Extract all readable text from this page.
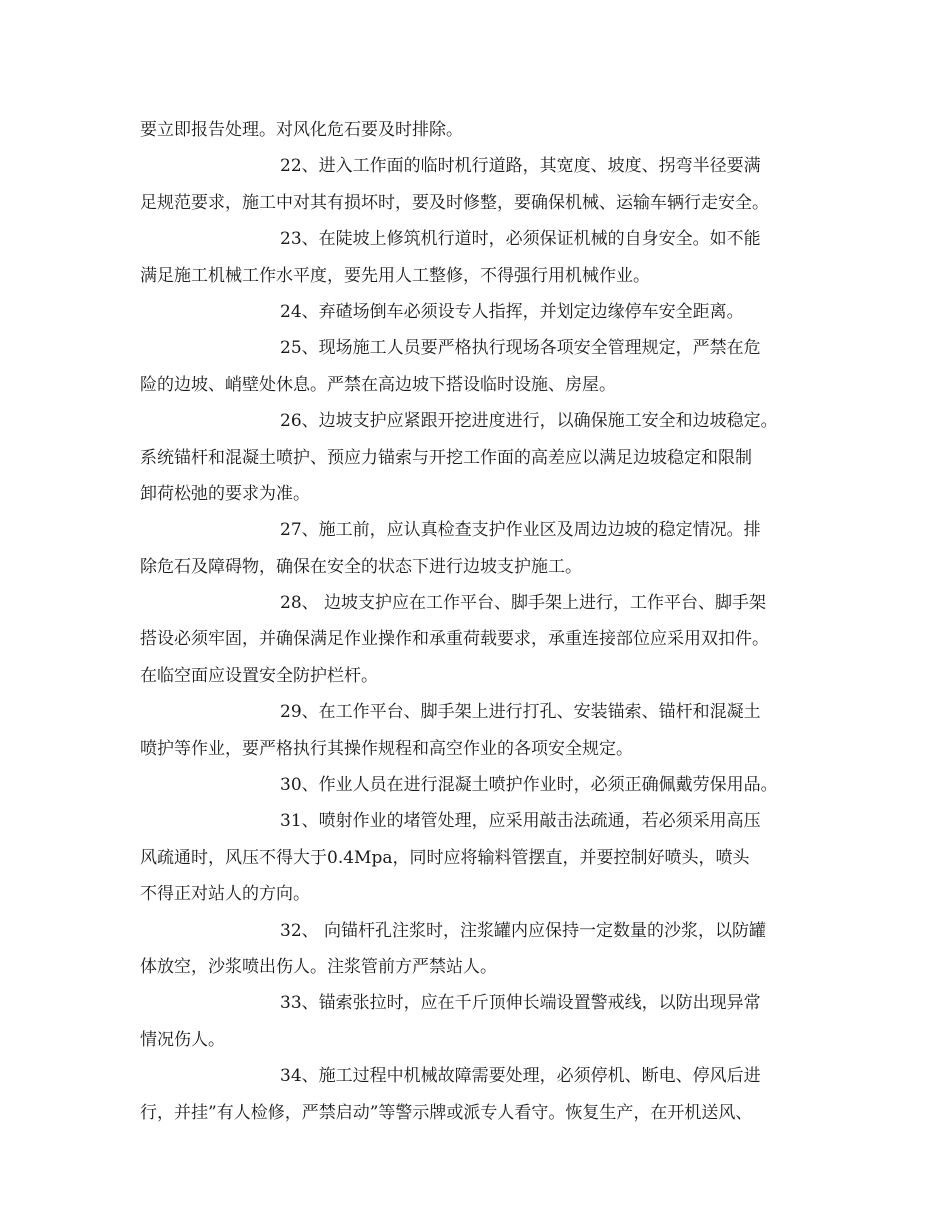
要立即报告处理。对风化危石要及时排除。
22、进入工作面的临时机行道路，其宽度、坡度、拐弯半径要满
足规范要求，施工中对其有损坏时，要及时修整，要确保机械、运输车辆行走安全。
23、在陡坡上修筑机行道时，必须保证机械的自身安全。如不能
满足施工机械工作水平度，要先用人工整修，不得强行用机械作业。
24、弃碴场倒车必须设专人指挥，并划定边缘停车安全距离。
25、现场施工人员要严格执行现场各项安全管理规定，严禁在危
险的边坡、峭壁处休息。严禁在高边坡下搭设临时设施、房屋。
26、边坡支护应紧跟开挖进度进行，以确保施工安全和边坡稳定。
系统锚杆和混凝土喷护、预应力锚索与开挖工作面的高差应以满足边坡稳定和限制
卸荷松弛的要求为准。
27、施工前，应认真检查支护作业区及周边边坡的稳定情况。排
除危石及障碍物，确保在安全的状态下进行边坡支护施工。
28、 边坡支护应在工作平台、脚手架上进行，工作平台、脚手架
搭设必须牢固，并确保满足作业操作和承重荷载要求，承重连接部位应采用双扣件。
在临空面应设置安全防护栏杆。
29、在工作平台、脚手架上进行打孔、安装锚索、锚杆和混凝土
喷护等作业，要严格执行其操作规程和高空作业的各项安全规定。
30、作业人员在进行混凝土喷护作业时，必须正确佩戴劳保用品。
31、喷射作业的堵管处理，应采用敲击法疏通，若必须采用高压
风疏通时，风压不得大于0.4Mpa，同时应将输料管摆直，并要控制好喷头，喷头
不得正对站人的方向。
32、 向锚杆孔注浆时，注浆罐内应保持一定数量的沙浆，以防罐
体放空，沙浆喷出伤人。注浆管前方严禁站人。
33、锚索张拉时，应在千斤顶伸长端设置警戒线，以防出现异常
情况伤人。
34、施工过程中机械故障需要处理，必须停机、断电、停风后进
行，并挂”有人检修，严禁启动”等警示牌或派专人看守。恢复生产，在开机送风、
